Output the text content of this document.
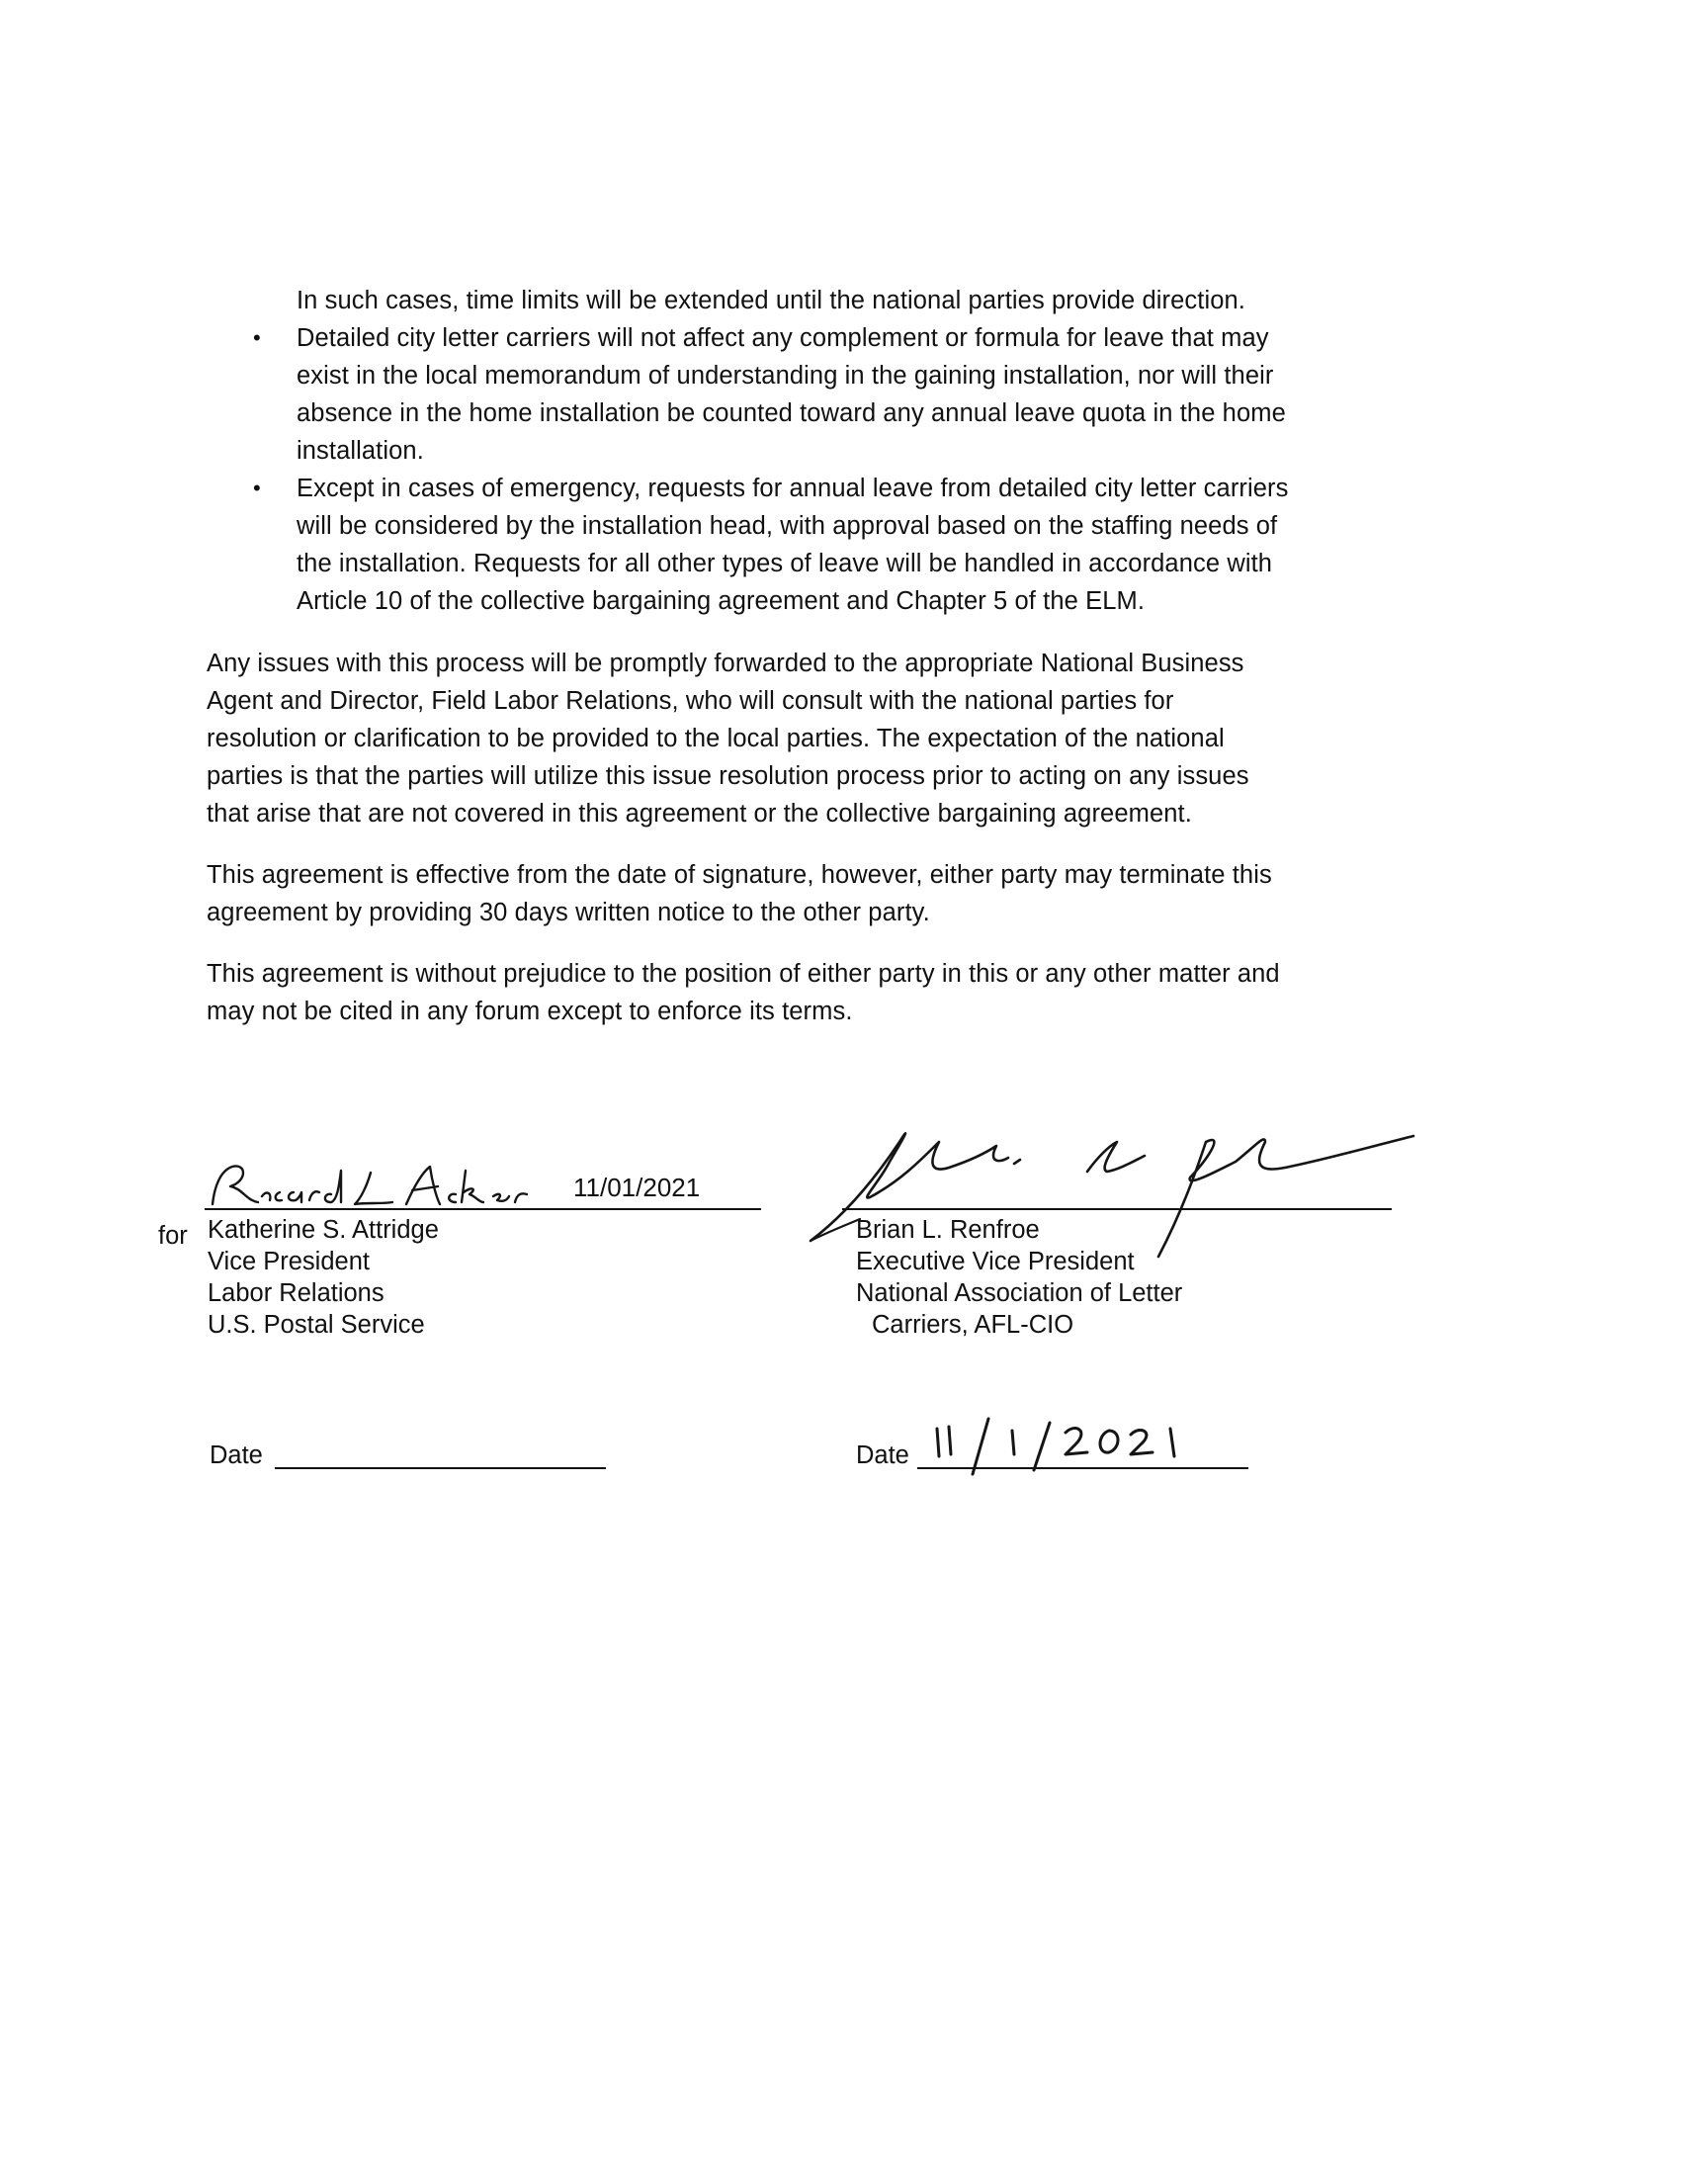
In such cases, time limits will be extended until the national parties provide direction.
• Detailed city letter carriers will not affect any complement or formula for leave that may
exist in the local memorandum of understanding in the gaining installation, nor will their
absence in the home installation be counted toward any annual leave quota in the home
installation.
• Except in cases of emergency, requests for annual leave from detailed city letter carriers
will be considered by the installation head, with approval based on the staffing needs of
the installation. Requests for all other types of leave will be handled in accordance with
Article 10 of the collective bargaining agreement and Chapter 5 of the ELM.
Any issues with this process will be promptly forwarded to the appropriate National Business
Agent and Director, Field Labor Relations, who will consult with the national parties for
resolution or clarification to be provided to the local parties. The expectation of the national
parties is that the parties will utilize this issue resolution process prior to acting on any issues
that arise that are not covered in this agreement or the collective bargaining agreement.
This agreement is effective from the date of signature, however, either party may terminate this
agreement by providing 30 days written notice to the other party.
This agreement is without prejudice to the position of either party in this or any other matter and
may not be cited in any forum except to enforce its terms.
11/01/2021
for Katherine S. Attridge
Vice President
Labor Relations
U.S. Postal Service
Brian L. Renfroe
Executive Vice President
National Association of Letter
Carriers, AFL-CIO
Date	Date
